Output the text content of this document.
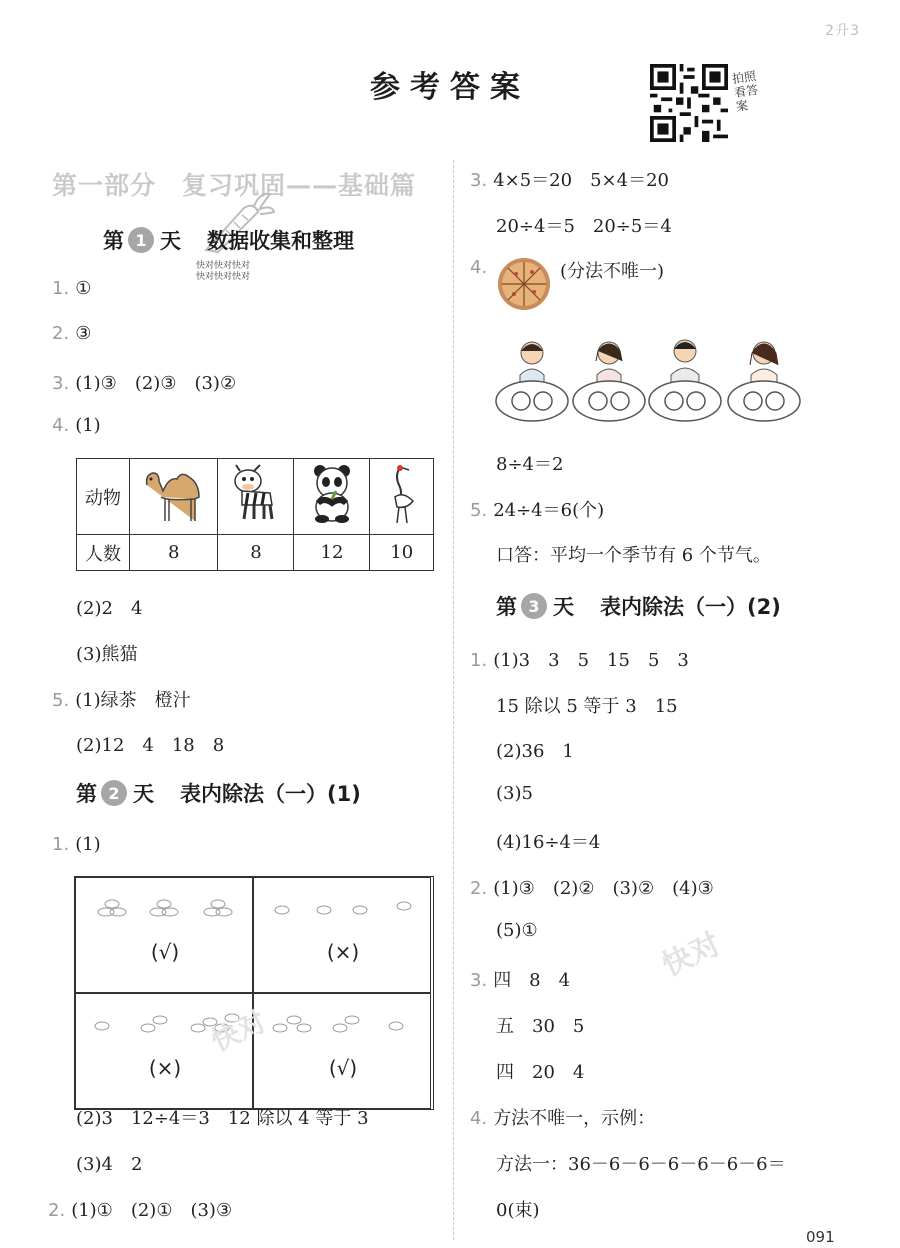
2升3
参考答案	拍照 看答案
第一部分　复习巩固——基础篇
第 1 天 数据收集和整理
快对快对快对
快对快对快对
1. ①
2. ③
3. (1)③　(2)③　(3)②
4. (1)
动物				
人数	8	8	12	10
(2)2　4
(3)熊猫
5. (1)绿茶　橙汁
(2)12　4　18　8
第 2 天 表内除法（一）(1)
1. (1)
(√)	(×)
(×)	(√)
(2)3　12÷4＝3　12 除以 4 等于 3
(3)4　2
2. (1)①　(2)①　(3)③
3. 4×5＝20　5×4＝20
20÷4＝5　20÷5＝4
4.	(分法不唯一)
8÷4＝2
5. 24÷4＝6(个)
口答：平均一个季节有 6 个节气。
第 3 天 表内除法（一）(2)
1. (1)3　3　5　15　5　3
15 除以 5 等于 3　15
(2)36　1
(3)5
(4)16÷4＝4
2. (1)③　(2)②　(3)②　(4)③
(5)①
3. 四　8　4
五　30　5
四　20　4
4. 方法不唯一，示例：
方法一：36－6－6－6－6－6－6＝
0(束)
快对
快对
091
